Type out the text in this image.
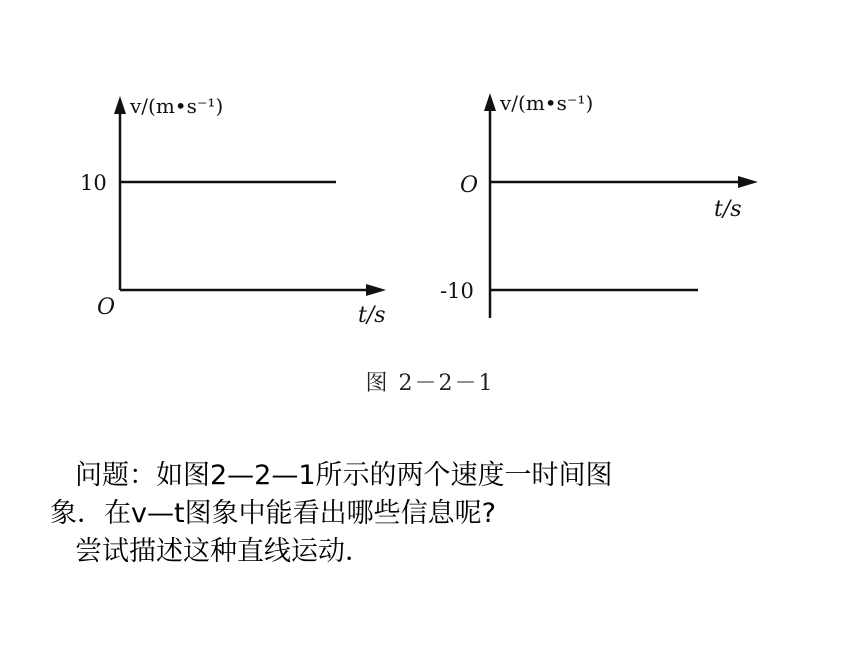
v/(m•s⁻¹)
10
O	t/s
v/(m•s⁻¹)
O
t/s
-10
图 2－2－1

问题：如图2—2—1所示的两个速度一时间图

象．在v—t图象中能看出哪些信息呢?

尝试描述这种直线运动．
